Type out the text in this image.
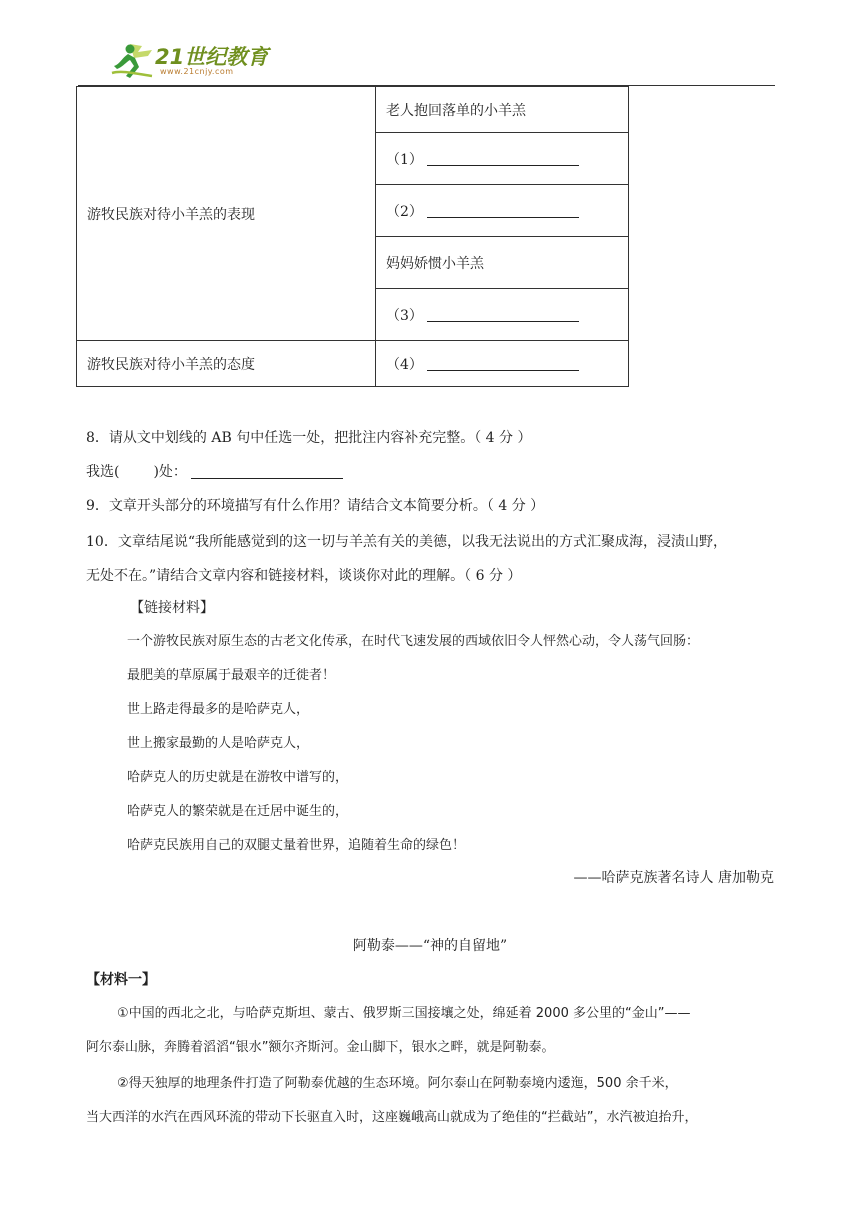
21世纪教育
www.21cnjy.com
游牧民族对待小羊羔的表现	老人抱回落单的小羊羔
	（1）
	（2）
	妈妈娇惯小羊羔
	（3）
游牧民族对待小羊羔的态度	（4）
8．请从文中划线的 AB 句中任选一处，把批注内容补充完整。（ 4 分 ）
我选( )处：
9．文章开头部分的环境描写有什么作用？请结合文本简要分析。（ 4 分 ）
10．文章结尾说“我所能感觉到的这一切与羊羔有关的美德，以我无法说出的方式汇聚成海，浸渍山野，
无处不在。”请结合文章内容和链接材料，谈谈你对此的理解。（ 6 分 ）
【链接材料】
一个游牧民族对原生态的古老文化传承，在时代飞速发展的西域依旧令人怦然心动，令人荡气回肠：
最肥美的草原属于最艰辛的迁徙者！
世上路走得最多的是哈萨克人，
世上搬家最勤的人是哈萨克人，
哈萨克人的历史就是在游牧中谱写的，
哈萨克人的繁荣就是在迁居中诞生的，
哈萨克民族用自己的双腿丈量着世界，追随着生命的绿色！
——哈萨克族著名诗人 唐加勒克
阿勒泰——“神的自留地”
【材料一】
①中国的西北之北，与哈萨克斯坦、蒙古、俄罗斯三国接壤之处，绵延着 2000 多公里的“金山”——
阿尔泰山脉，奔腾着滔滔“银水”额尔齐斯河。金山脚下，银水之畔，就是阿勒泰。
②得天独厚的地理条件打造了阿勒泰优越的生态环境。阿尔泰山在阿勒泰境内逶迤，500 余千米，
当大西洋的水汽在西风环流的带动下长驱直入时，这座巍峨高山就成为了绝佳的“拦截站”，水汽被迫抬升，
